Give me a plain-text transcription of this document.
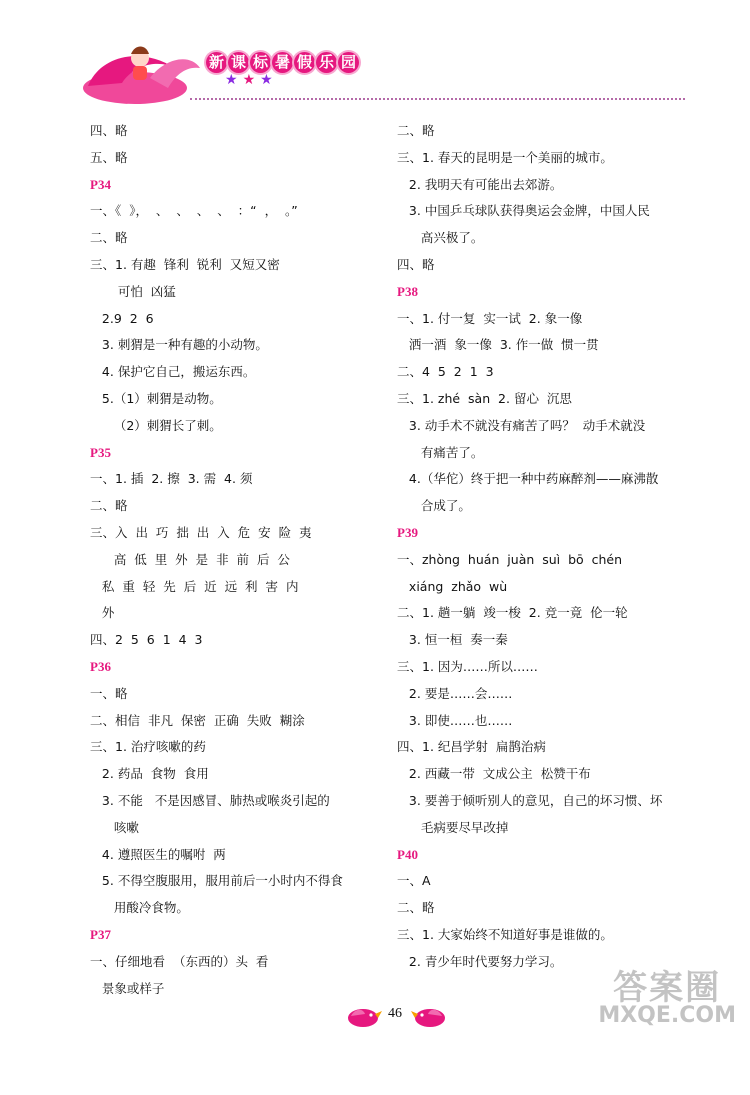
新 课 标 暑 假 乐 园
★★★
四、略
五、略
P34
一、《  》，  、  、  、  、  ：“  ，  。”
二、略
三、1. 有趣  锋利  锐利  又短又密
可怕  凶猛
2.9  2  6
3. 刺猬是一种有趣的小动物。
4. 保护它自己，搬运东西。
5.（1）刺猬是动物。
（2）刺猬长了刺。
P35
一、1. 插  2. 擦  3. 需  4. 须
二、略
三、入  出  巧  拙  出  入  危  安  险  夷
高  低  里  外  是  非  前  后  公
私  重  轻  先  后  近  远  利  害  内
外
四、2  5  6  1  4  3
P36
一、略
二、相信  非凡  保密  正确  失败  糊涂
三、1. 治疗咳嗽的药
2. 药品  食物  食用
3. 不能   不是因感冒、肺热或喉炎引起的
咳嗽
4. 遵照医生的嘱咐  两
5. 不得空腹服用，服用前后一小时内不得食
用酸冷食物。
P37
一、仔细地看  （东西的）头  看
景象或样子
二、略
三、1. 春天的昆明是一个美丽的城市。
2. 我明天有可能出去郊游。
3. 中国乒乓球队获得奥运会金牌，中国人民
高兴极了。
四、略
P38
一、1. 付一复  实一试  2. 象一像
洒一酒  象一像  3. 作一做  惯一贯
二、4  5  2  1  3
三、1. zhé  sàn  2. 留心  沉思
3. 动手术不就没有痛苦了吗？  动手术就没
有痛苦了。
4.（华佗）终于把一种中药麻醉剂——麻沸散
合成了。
P39
一、zhòng  huán  juàn  suì  bō  chén
xiáng  zhǎo  wù
二、1. 趟一躺  竣一梭  2. 竞一竟  伦一轮
3. 恒一桓  奏一秦
三、1. 因为……所以……
2. 要是……会……
3. 即使……也……
四、1. 纪昌学射  扁鹊治病
2. 西藏一带  文成公主  松赞干布
3. 要善于倾听别人的意见，自己的坏习惯、坏
毛病要尽早改掉
P40
一、A
二、略
三、1. 大家始终不知道好事是谁做的。
2. 青少年时代要努力学习。
46
答案圈
MXQE.COM
